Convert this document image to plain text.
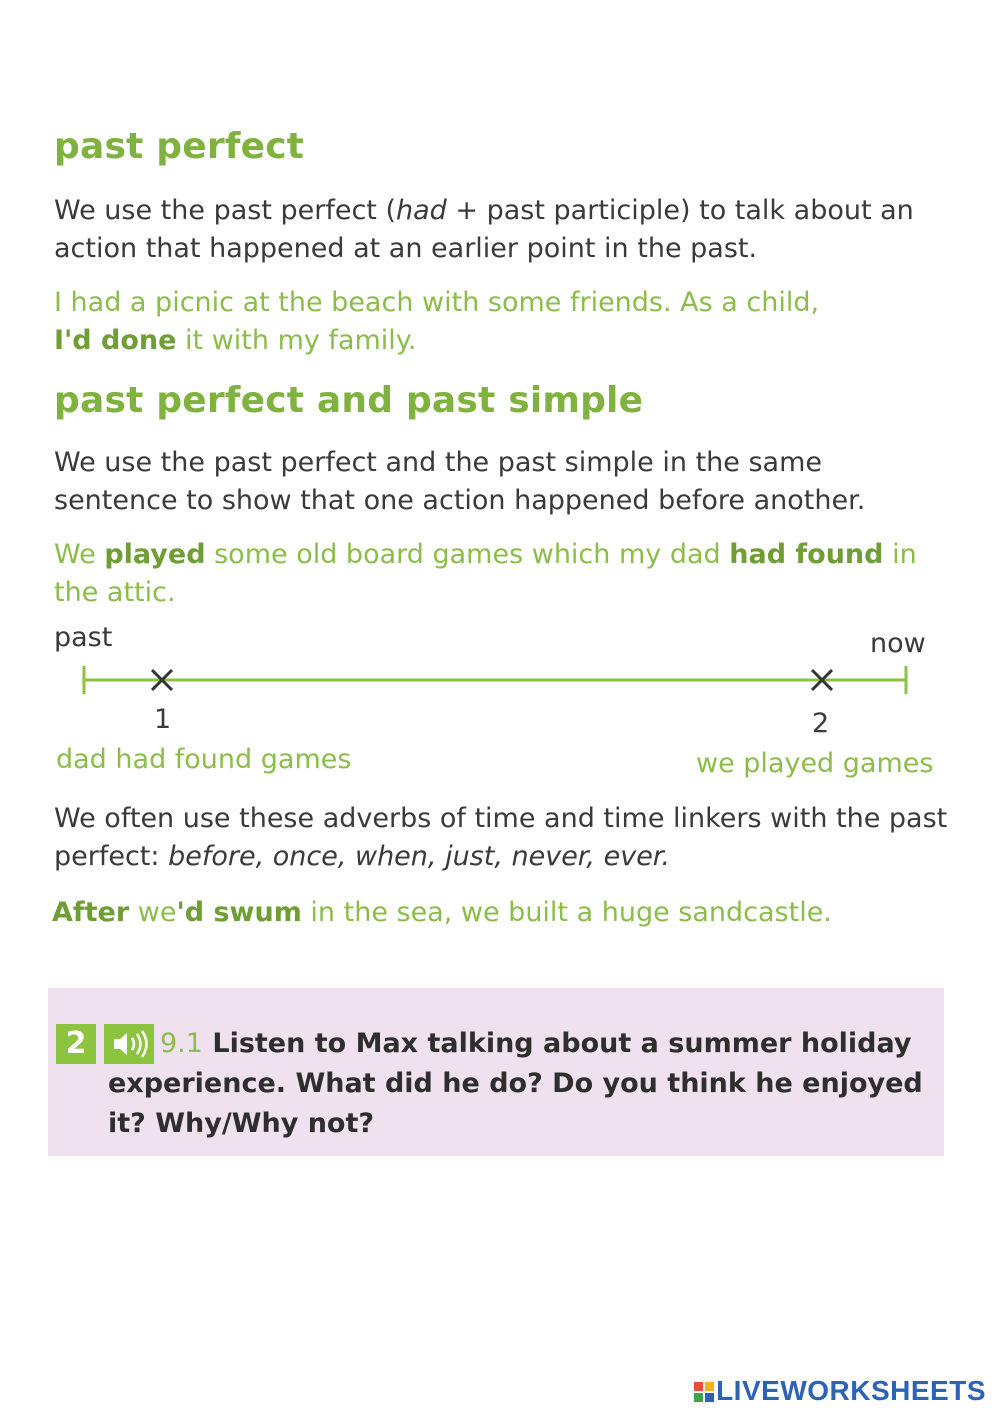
past perfect
We use the past perfect (had + past participle) to talk about an action that happened at an earlier point in the past.
I had a picnic at the beach with some friends. As a child,
I'd done it with my family.
past perfect and past simple
We use the past perfect and the past simple in the same sentence to show that one action happened before another.
We played some old board games which my dad had found in the attic.
past	now
1	2
dad had found games	we played games
We often use these adverbs of time and time linkers with the past perfect: before, once, when, just, never, ever.
After we'd swum in the sea, we built a huge sandcastle.
2	9.1 Listen to Max talking about a summer holiday experience. What did he do? Do you think he enjoyed it? Why/Why not?
LIVEWORKSHEETS
